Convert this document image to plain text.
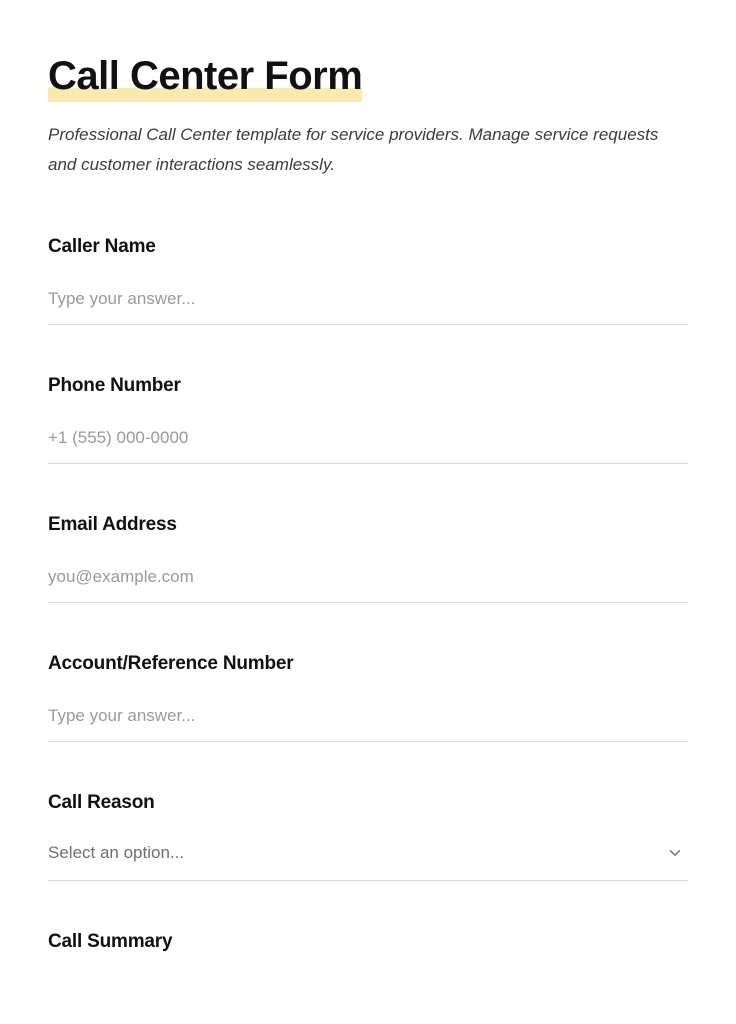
Call Center Form

Professional Call Center template for service providers. Manage service requests and customer interactions seamlessly.

Caller Name
Type your answer...
Phone Number
+1 (555) 000-0000
Email Address
you@example.com
Account/Reference Number
Type your answer...
Call Reason
Select an option...
Call Summary
